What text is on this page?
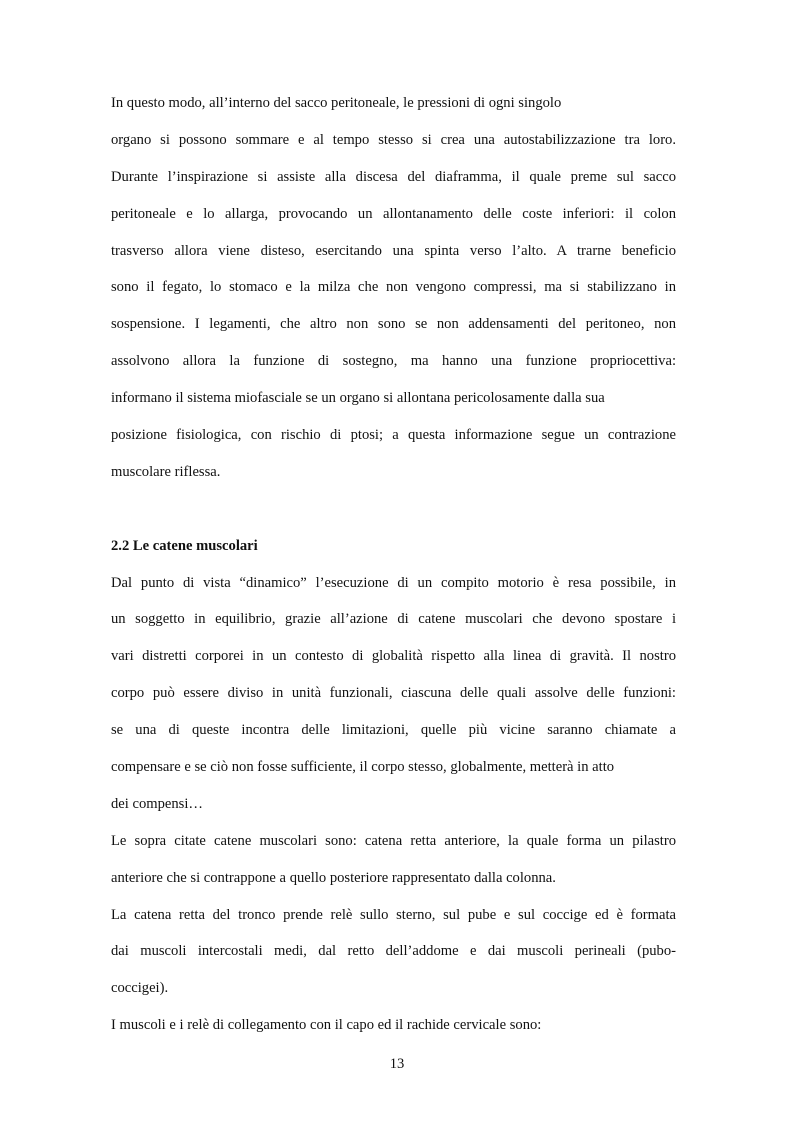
In questo modo, all’interno del sacco peritoneale, le pressioni di ogni singolo
organo si possono sommare e al tempo stesso si crea una autostabilizzazione tra loro.
Durante l’inspirazione si assiste alla discesa del diaframma, il quale preme sul sacco
peritoneale e lo allarga, provocando un allontanamento delle coste inferiori: il colon
trasverso allora viene disteso, esercitando una spinta verso l’alto. A trarne beneficio
sono il fegato, lo stomaco e la milza che non vengono compressi, ma si stabilizzano in
sospensione. I legamenti, che altro non sono se non addensamenti del peritoneo, non
assolvono allora la funzione di sostegno, ma hanno una funzione propriocettiva:
informano il sistema miofasciale se un organo si allontana pericolosamente dalla sua
posizione fisiologica, con rischio di ptosi; a questa informazione segue un contrazione
muscolare riflessa.
2.2 Le catene muscolari
Dal punto di vista “dinamico” l’esecuzione di un compito motorio è resa possibile, in
un soggetto in equilibrio, grazie all’azione di catene muscolari che devono spostare i
vari distretti corporei in un contesto di globalità rispetto alla linea di gravità. Il nostro
corpo può essere diviso in unità funzionali, ciascuna delle quali assolve delle funzioni:
se una di queste incontra delle limitazioni, quelle più vicine saranno chiamate a
compensare e se ciò non fosse sufficiente, il corpo stesso, globalmente, metterà in atto
dei compensi…
Le sopra citate catene muscolari sono: catena retta anteriore, la quale forma un pilastro
anteriore che si contrappone a quello posteriore rappresentato dalla colonna.
La catena retta del tronco prende relè sullo sterno, sul pube e sul coccige ed è formata
dai muscoli intercostali medi, dal retto dell’addome e dai muscoli perineali (pubo-
coccigei).
I muscoli e i relè di collegamento con il capo ed il rachide cervicale sono:
13
